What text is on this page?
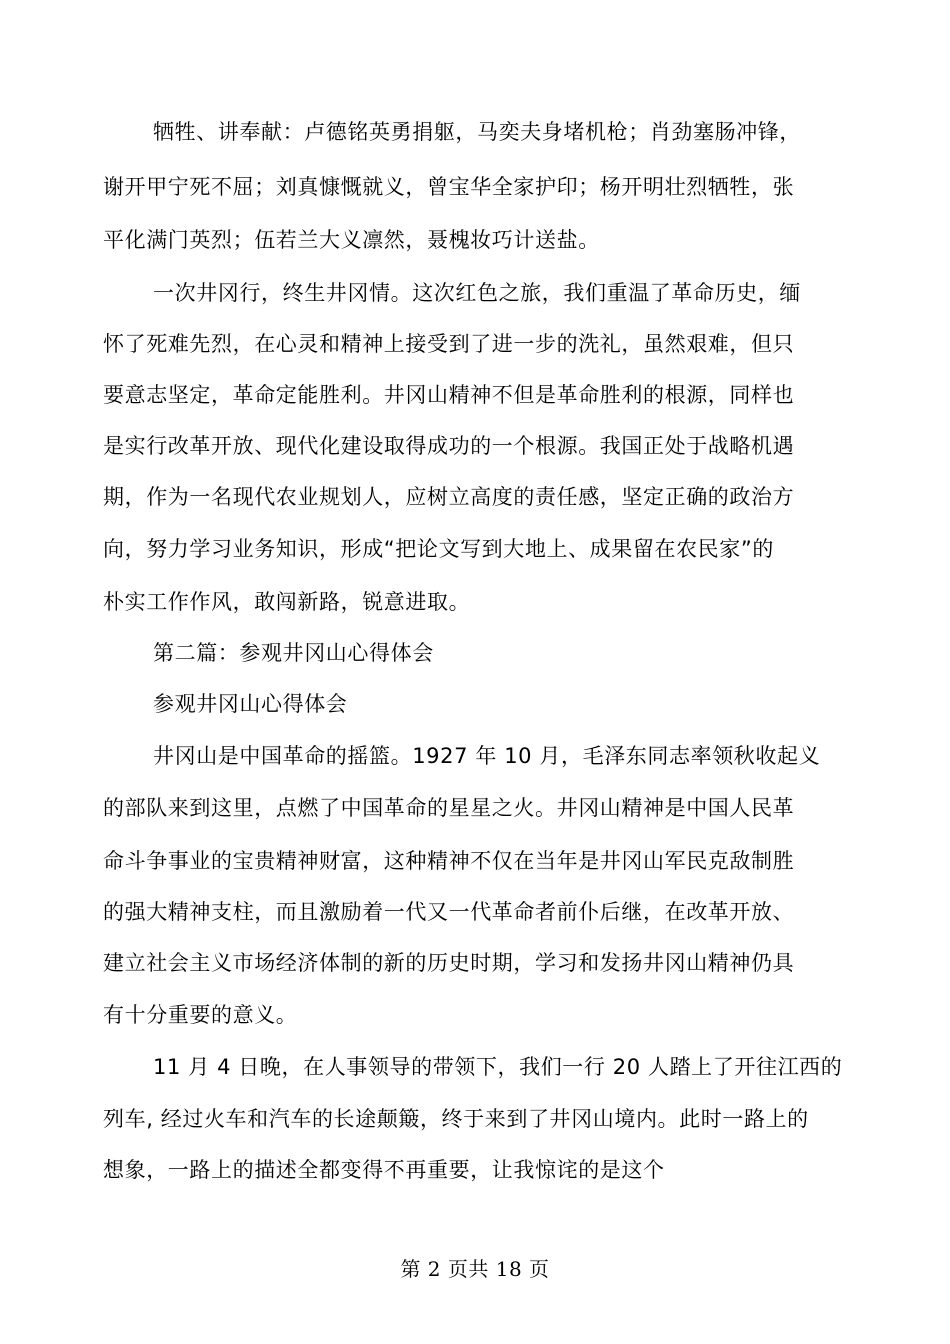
牺牲、讲奉献：卢德铭英勇捐躯，马奕夫身堵机枪；肖劲塞肠冲锋，
谢开甲宁死不屈；刘真慷慨就义，曾宝华全家护印；杨开明壮烈牺牲，张
平化满门英烈；伍若兰大义凛然，聂槐妆巧计送盐。
一次井冈行，终生井冈情。这次红色之旅，我们重温了革命历史，缅
怀了死难先烈，在心灵和精神上接受到了进一步的洗礼，虽然艰难，但只
要意志坚定，革命定能胜利。井冈山精神不但是革命胜利的根源，同样也
是实行改革开放、现代化建设取得成功的一个根源。我国正处于战略机遇
期，作为一名现代农业规划人，应树立高度的责任感，坚定正确的政治方
向，努力学习业务知识，形成“把论文写到大地上、成果留在农民家”的
朴实工作作风，敢闯新路，锐意进取。
第二篇：参观井冈山心得体会
参观井冈山心得体会
井冈山是中国革命的摇篮。1927 年 10 月，毛泽东同志率领秋收起义
的部队来到这里，点燃了中国革命的星星之火。井冈山精神是中国人民革
命斗争事业的宝贵精神财富，这种精神不仅在当年是井冈山军民克敌制胜
的强大精神支柱，而且激励着一代又一代革命者前仆后继，在改革开放、
建立社会主义市场经济体制的新的历史时期，学习和发扬井冈山精神仍具
有十分重要的意义。
11 月 4 日晚，在人事领导的带领下，我们一行 20 人踏上了开往江西的
列车, 经过火车和汽车的长途颠簸，终于来到了井冈山境内。此时一路上的
想象，一路上的描述全都变得不再重要，让我惊诧的是这个
第 2 页共 18 页
